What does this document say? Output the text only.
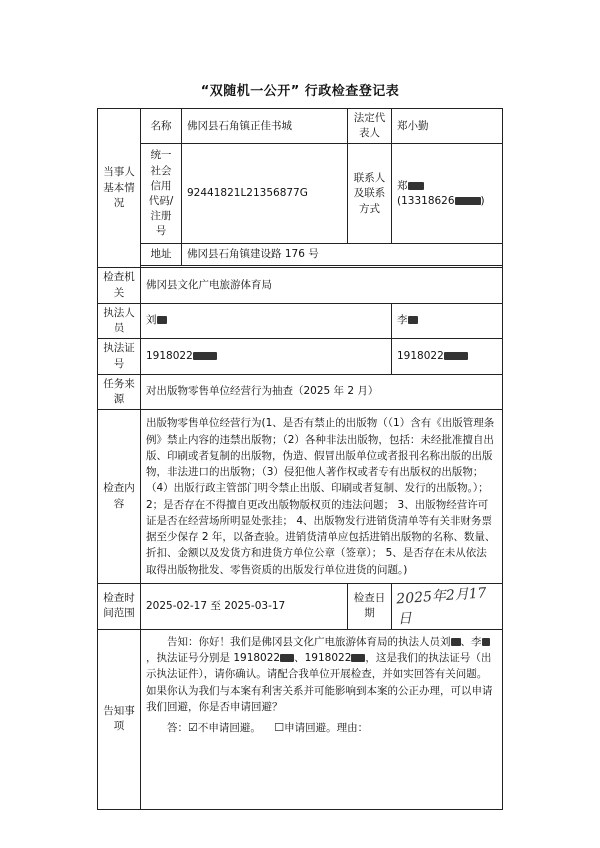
“双随机一公开” 行政检查登记表
当事人基本情况	名称	佛冈县石角镇正佳书城	法定代表人	郑小勤
	统一社会信用代码/注册号	92441821L21356877G	联系人及联系方式	郑
(13318626 )
	地址	佛冈县石角镇建设路 176 号		

检查机关	佛冈县文化广电旅游体育局			
执法人员	刘			李
执法证号	1918022			1918022
任务来源	对出版物零售单位经营行为抽查（2025 年 2 月）			
检查内容	出版物零售单位经营行为(1、是否有禁止的出版物（（1）含有《出版管理条例》禁止内容的违禁出版物；（2）各种非法出版物，包括：未经批准擅自出版、印刷或者复制的出版物，伪造、假冒出版单位或者报刊名称出版的出版物，非法进口的出版物；（3）侵犯他人著作权或者专有出版权的出版物；（4）出版行政主管部门明令禁止出版、印刷或者复制、发行的出版物。）； 2；是否存在不得擅自更改出版物版权页的违法问题； 3、出版物经营许可证是否在经营场所明显处张挂； 4、出版物发行进销货清单等有关非财务票据至少保存 2 年，以备查验。进销货清单应包括进销出版物的名称、数量、折扣、金额以及发货方和进货方单位公章（签章）； 5、是否存在未从依法取得出版物批发、零售资质的出版发行单位进货的问题。)			
检查时间范围	2025-02-17 至 2025-03-17		检查日期	2025年2月17日
告知事项	告知：你好！我们是佛冈县文化广电旅游体育局的执法人员刘 、李，执法证号分别是 1918022 、1918022 ，这是我们的执法证号（出示执法证件），请你确认。请配合我单位开展检查，并如实回答有关问题。如果你认为我们与本案有利害关系并可能影响到本案的公正办理，可以申请我们回避，你是否申请回避？

答：☑不申请回避。 ☐申请回避。理由：			
